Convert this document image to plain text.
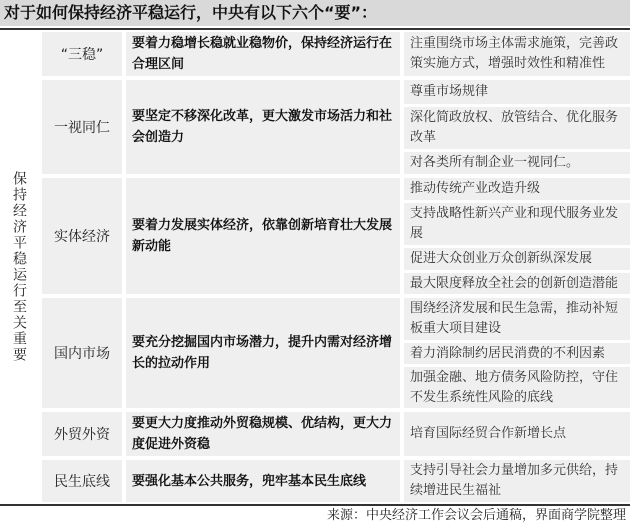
对于如何保持经济平稳运行，中央有以下六个“要”：
保持经济平稳运行至关重要
“三稳”
要着力稳增长稳就业稳物价，保持经济运行在合理区间
注重围绕市场主体需求施策，完善政策实施方式，增强时效性和精准性
一视同仁
要坚定不移深化改革，更大激发市场活力和社会创造力
尊重市场规律
深化简政放权、放管结合、优化服务改革
对各类所有制企业一视同仁。
实体经济
要着力发展实体经济，依靠创新培育壮大发展新动能
推动传统产业改造升级
支持战略性新兴产业和现代服务业发展
促进大众创业万众创新纵深发展
最大限度释放全社会的创新创造潜能
国内市场
要充分挖掘国内市场潜力，提升内需对经济增长的拉动作用
围绕经济发展和民生急需，推动补短板重大项目建设
着力消除制约居民消费的不利因素
加强金融、地方债务风险防控，守住不发生系统性风险的底线
外贸外资
要更大力度推动外贸稳规模、优结构，更大力度促进外资稳
培育国际经贸合作新增长点
民生底线	要强化基本公共服务，兜牢基本民生底线
支持引导社会力量增加多元供给，持续增进民生福祉
来源：中央经济工作会议会后通稿，界面商学院整理
